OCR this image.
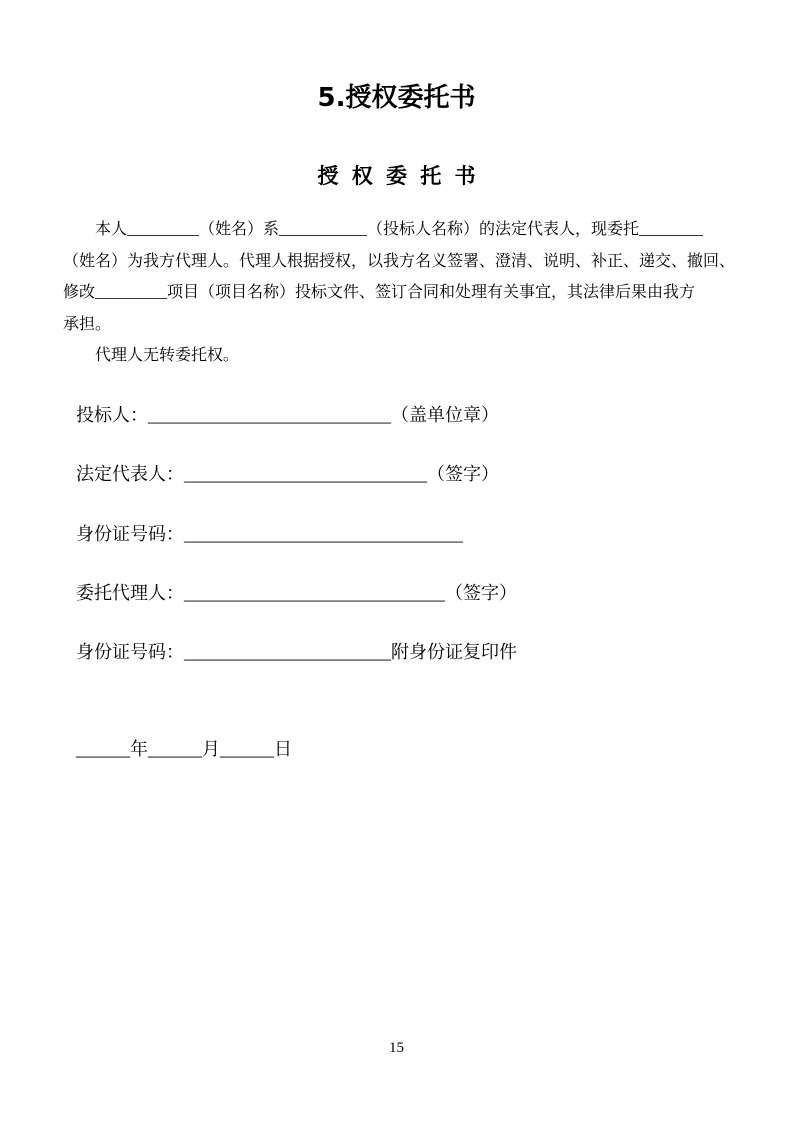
5.授权委托书
授 权 委 托 书
本人_________（姓名）系___________（投标人名称）的法定代表人，现委托________
（姓名）为我方代理人。代理人根据授权，以我方名义签署、澄清、说明、补正、递交、撤回、
修改_________项目（项目名称）投标文件、签订合同和处理有关事宜，其法律后果由我方
承担。
代理人无转委托权。
投标人：___________________________（盖单位章）
法定代表人：___________________________（签字）
身份证号码：_______________________________
委托代理人：_____________________________（签字）
身份证号码：_______________________附身份证复印件
______年______月______日
15
